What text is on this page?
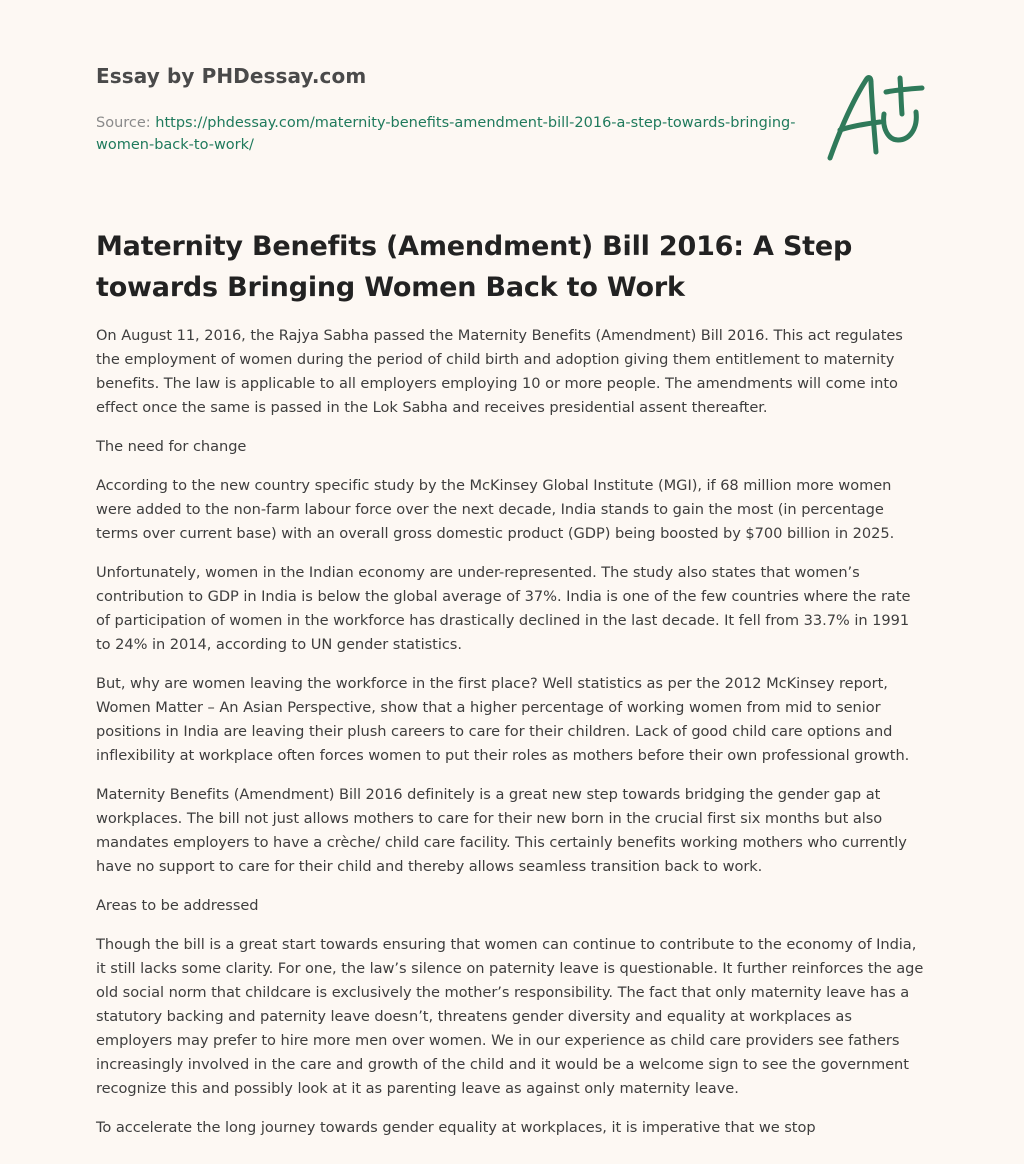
Essay by PHDessay.com
Source: https://phdessay.com/maternity-benefits-amendment-bill-2016-a-step-towards-bringing-women-back-to-work/
Maternity Benefits (Amendment) Bill 2016: A Step towards Bringing Women Back to Work

On August 11, 2016, the Rajya Sabha passed the Maternity Benefits (Amendment) Bill 2016. This act regulates the employment of women during the period of child birth and adoption giving them entitlement to maternity benefits. The law is applicable to all employers employing 10 or more people. The amendments will come into effect once the same is passed in the Lok Sabha and receives presidential assent thereafter.

The need for change

According to the new country specific study by the McKinsey Global Institute (MGI), if 68 million more women were added to the non-farm labour force over the next decade, India stands to gain the most (in percentage terms over current base) with an overall gross domestic product (GDP) being boosted by $700 billion in 2025.

Unfortunately, women in the Indian economy are under-represented. The study also states that women’s contribution to GDP in India is below the global average of 37%. India is one of the few countries where the rate of participation of women in the workforce has drastically declined in the last decade. It fell from 33.7% in 1991 to 24% in 2014, according to UN gender statistics.

But, why are women leaving the workforce in the first place? Well statistics as per the 2012 McKinsey report, Women Matter – An Asian Perspective, show that a higher percentage of working women from mid to senior positions in India are leaving their plush careers to care for their children. Lack of good child care options and inflexibility at workplace often forces women to put their roles as mothers before their own professional growth.

Maternity Benefits (Amendment) Bill 2016 definitely is a great new step towards bridging the gender gap at workplaces. The bill not just allows mothers to care for their new born in the crucial first six months but also mandates employers to have a crèche/ child care facility. This certainly benefits working mothers who currently have no support to care for their child and thereby allows seamless transition back to work.

Areas to be addressed

Though the bill is a great start towards ensuring that women can continue to contribute to the economy of India, it still lacks some clarity. For one, the law’s silence on paternity leave is questionable. It further reinforces the age old social norm that childcare is exclusively the mother’s responsibility. The fact that only maternity leave has a statutory backing and paternity leave doesn’t, threatens gender diversity and equality at workplaces as employers may prefer to hire more men over women. We in our experience as child care providers see fathers increasingly involved in the care and growth of the child and it would be a welcome sign to see the government recognize this and possibly look at it as parenting leave as against only maternity leave.

To accelerate the long journey towards gender equality at workplaces, it is imperative that we stop
